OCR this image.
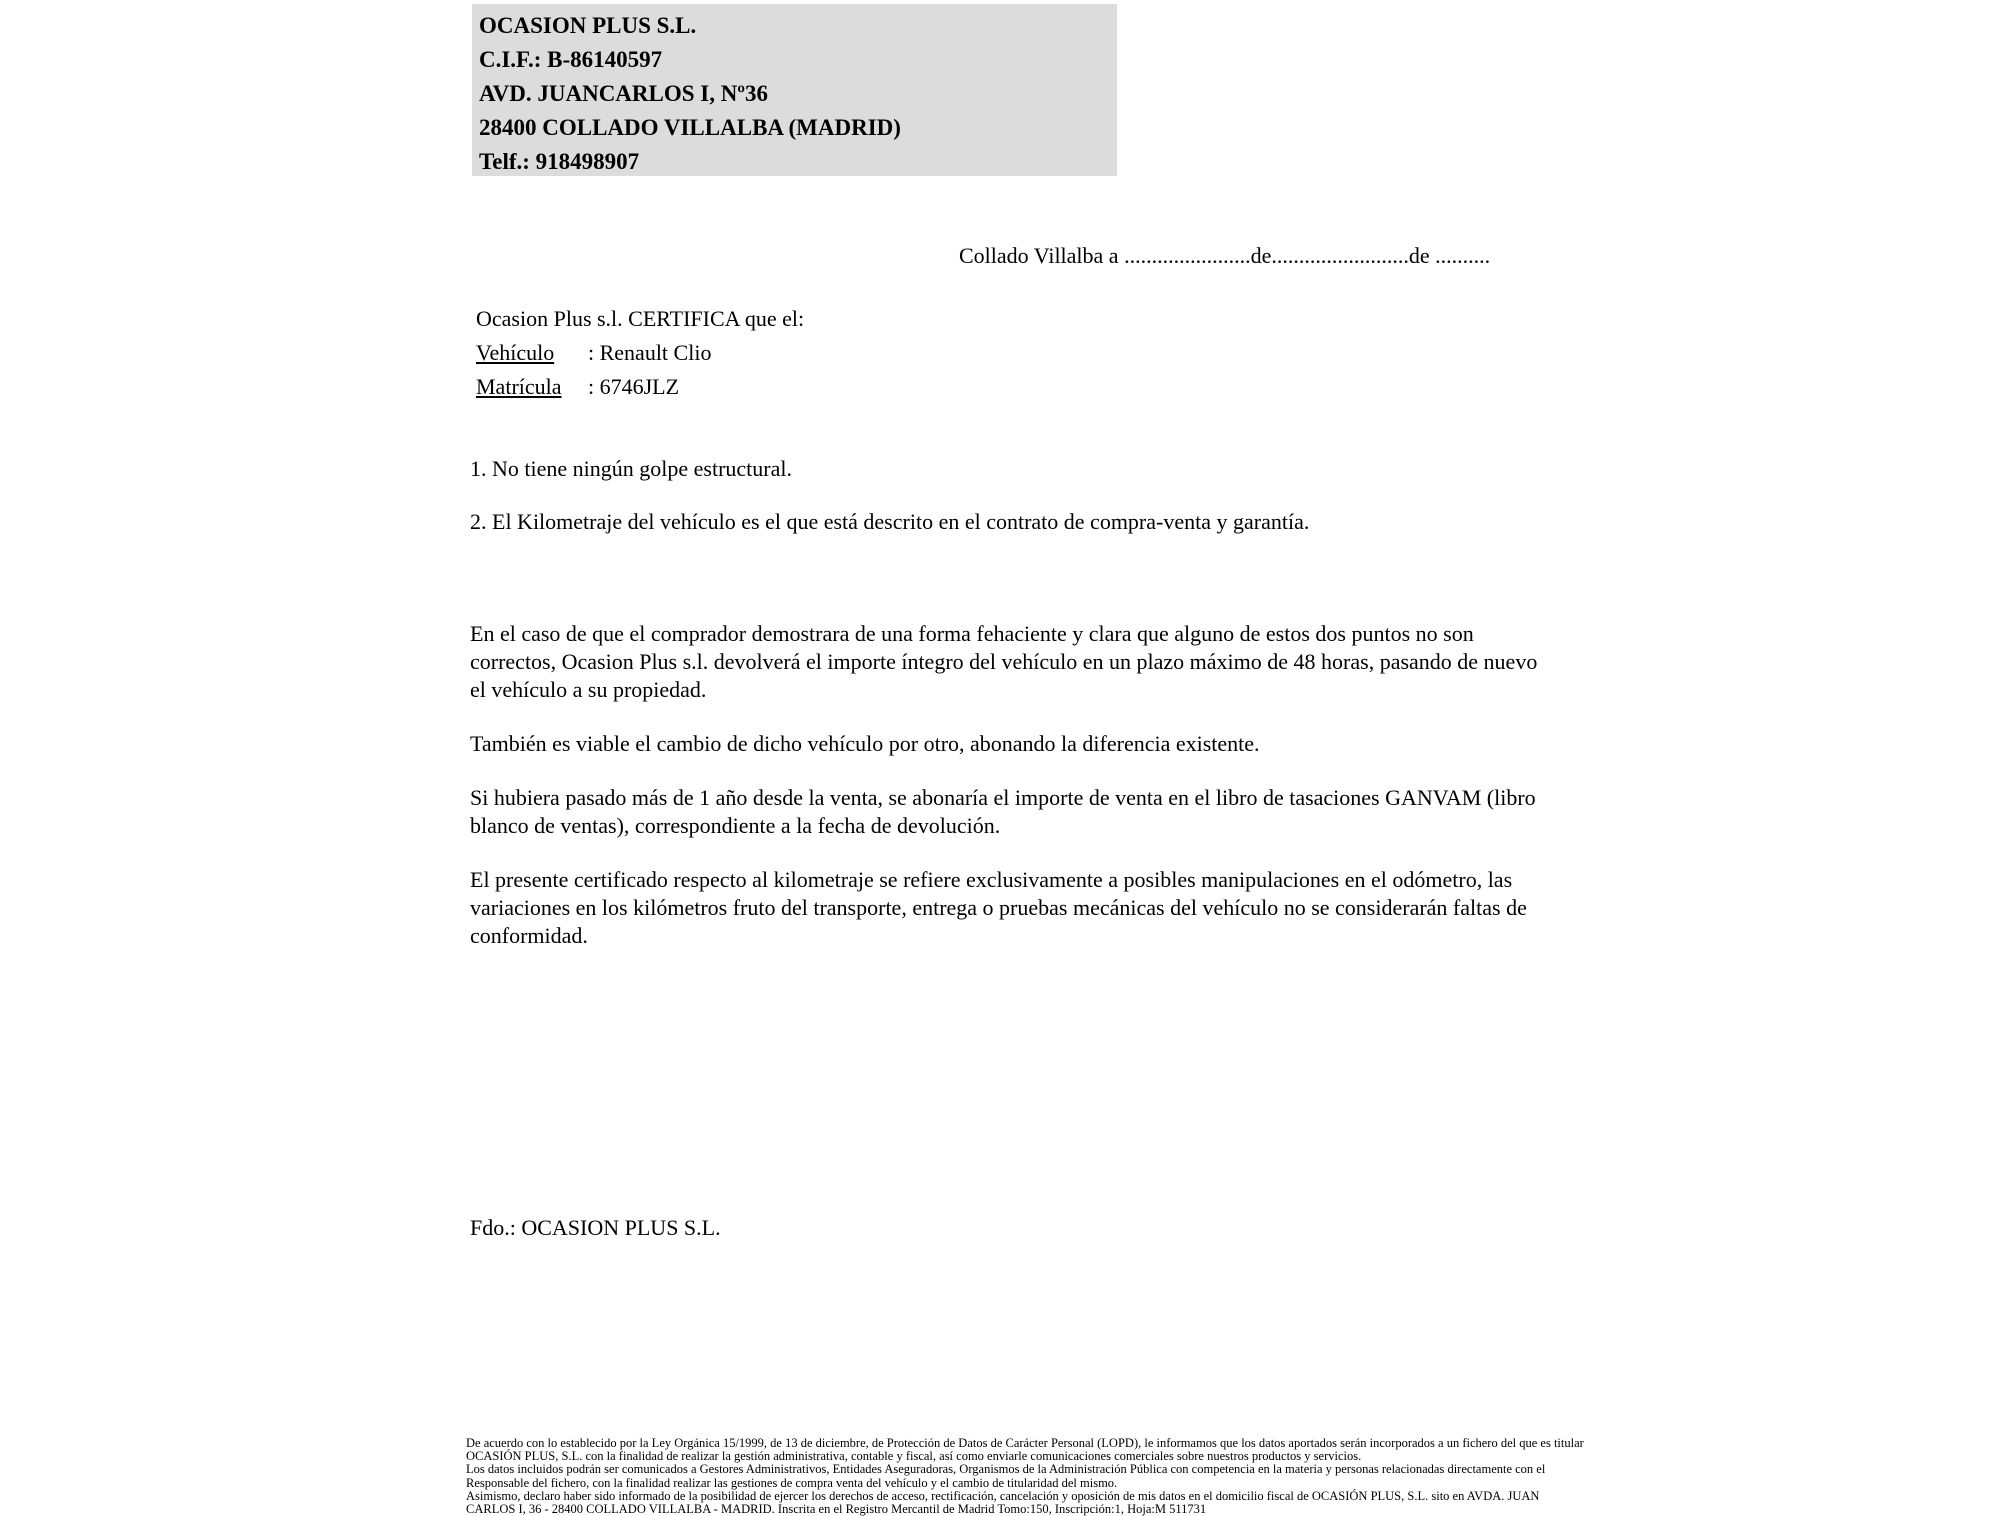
OCASION PLUS S.L.
C.I.F.: B-86140597
AVD. JUANCARLOS I, Nº36
28400 COLLADO VILLALBA (MADRID)
Telf.: 918498907
Collado Villalba a .......................de.........................de ..........
Ocasion Plus s.l. CERTIFICA que el:
Vehículo : Renault Clio
Matrícula : 6746JLZ

1. No tiene ningún golpe estructural.

2. El Kilometraje del vehículo es el que está descrito en el contrato de compra-venta y garantía.

En el caso de que el comprador demostrara de una forma fehaciente y clara que alguno de estos dos puntos no son correctos, Ocasion Plus s.l. devolverá el importe íntegro del vehículo en un plazo máximo de 48 horas, pasando de nuevo el vehículo a su propiedad.

También es viable el cambio de dicho vehículo por otro, abonando la diferencia existente.

Si hubiera pasado más de 1 año desde la venta, se abonaría el importe de venta en el libro de tasaciones GANVAM (libro blanco de ventas), correspondiente a la fecha de devolución.

El presente certificado respecto al kilometraje se refiere exclusivamente a posibles manipulaciones en el odómetro, las variaciones en los kilómetros fruto del transporte, entrega o pruebas mecánicas del vehículo no se considerarán faltas de conformidad.

Fdo.: OCASION PLUS S.L.
De acuerdo con lo establecido por la Ley Orgánica 15/1999, de 13 de diciembre, de Protección de Datos de Carácter Personal (LOPD), le informamos que los datos aportados serán incorporados a un fichero del que es titular
OCASIÓN PLUS, S.L. con la finalidad de realizar la gestión administrativa, contable y fiscal, así como enviarle comunicaciones comerciales sobre nuestros productos y servicios.
Los datos incluidos podrán ser comunicados a Gestores Administrativos, Entidades Aseguradoras, Organismos de la Administración Pública con competencia en la materia y personas relacionadas directamente con el
Responsable del fichero, con la finalidad realizar las gestiones de compra venta del vehículo y el cambio de titularidad del mismo.
Asimismo, declaro haber sido informado de la posibilidad de ejercer los derechos de acceso, rectificación, cancelación y oposición de mis datos en el domicilio fiscal de OCASIÓN PLUS, S.L. sito en AVDA. JUAN
CARLOS I, 36 - 28400 COLLADO VILLALBA - MADRID. Inscrita en el Registro Mercantil de Madrid Tomo:150, Inscripción:1, Hoja:M 511731
